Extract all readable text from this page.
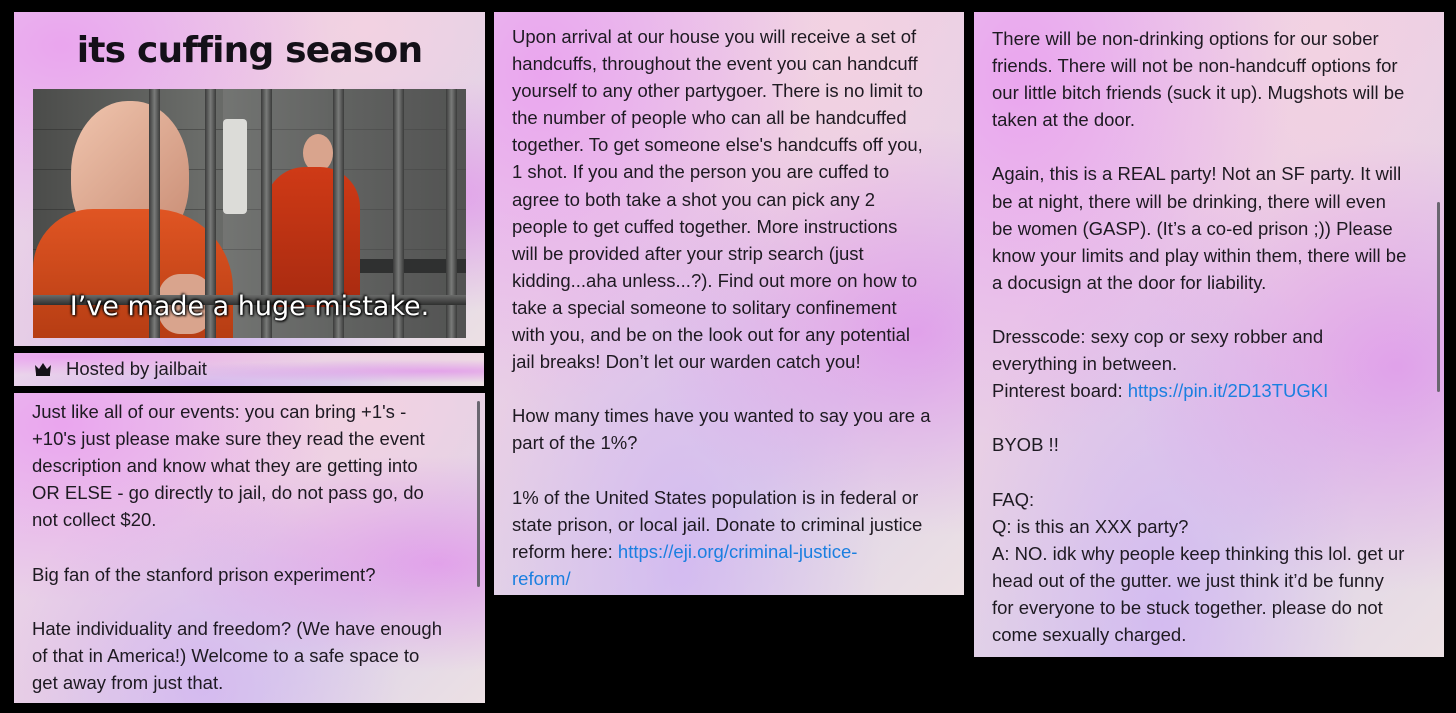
its cuffing season
I’ve made a huge mistake.
Hosted by jailbait
Just like all of our events: you can bring +1's -
+10's just please make sure they read the event
description and know what they are getting into
OR ELSE - go directly to jail, do not pass go, do
not collect $20.

Big fan of the stanford prison experiment?

Hate individuality and freedom? (We have enough
of that in America!) Welcome to a safe space to
get away from just that.
Upon arrival at our house you will receive a set of
handcuffs, throughout the event you can handcuff
yourself to any other partygoer. There is no limit to
the number of people who can all be handcuffed
together. To get someone else's handcuffs off you,
1 shot. If you and the person you are cuffed to
agree to both take a shot you can pick any 2
people to get cuffed together. More instructions
will be provided after your strip search (just
kidding...aha unless...?). Find out more on how to
take a special someone to solitary confinement
with you, and be on the look out for any potential
jail breaks! Don’t let our warden catch you!

How many times have you wanted to say you are a
part of the 1%?

1% of the United States population is in federal or
state prison, or local jail. Donate to criminal justice
reform here: https://eji.org/criminal-justice-
reform/
There will be non-drinking options for our sober
friends. There will not be non-handcuff options for
our little bitch friends (suck it up). Mugshots will be
taken at the door.

Again, this is a REAL party! Not an SF party. It will
be at night, there will be drinking, there will even
be women (GASP). (It’s a co-ed prison ;)) Please
know your limits and play within them, there will be
a docusign at the door for liability.

Dresscode: sexy cop or sexy robber and
everything in between.
Pinterest board: https://pin.it/2D13TUGKI

BYOB !!

FAQ:
Q: is this an XXX party?
A: NO. idk why people keep thinking this lol. get ur
head out of the gutter. we just think it’d be funny
for everyone to be stuck together. please do not
come sexually charged.
